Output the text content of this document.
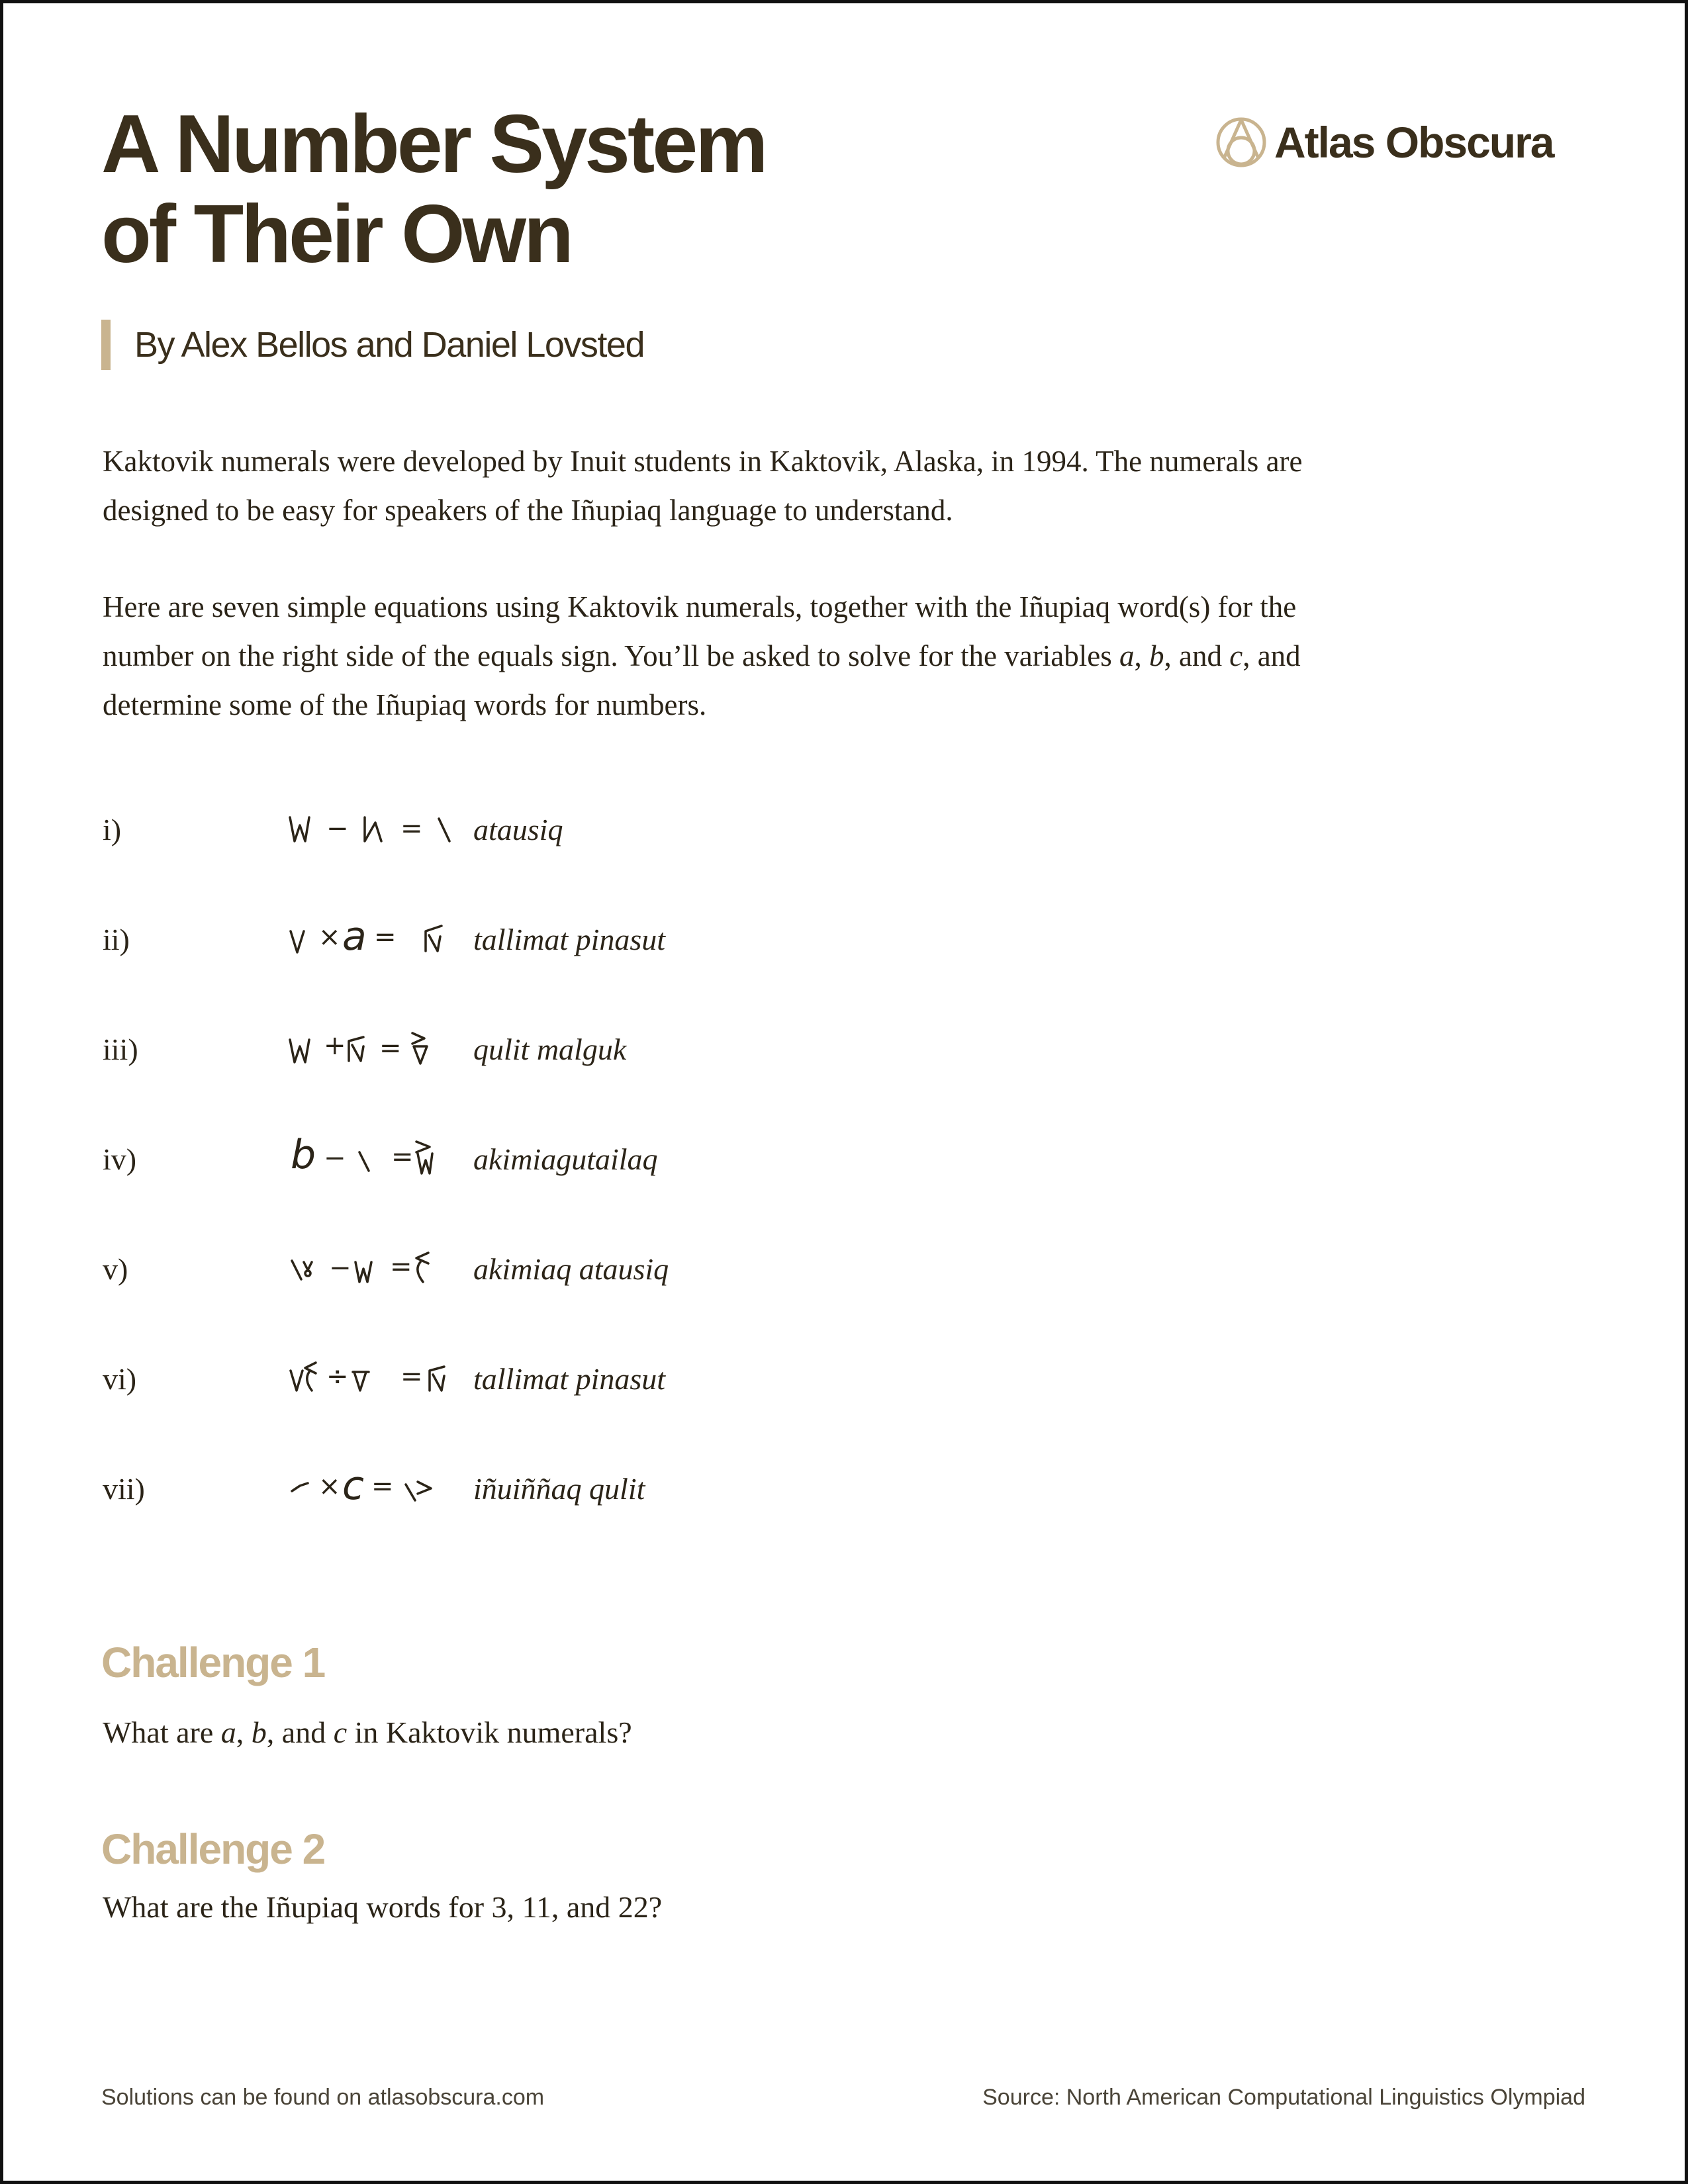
A Number System
of Their Own
Atlas Obscura
By Alex Bellos and Daniel Lovsted

Kaktovik numerals were developed by Inuit students in Kaktovik, Alaska, in 1994. The numerals are designed to be easy for speakers of the Iñupiaq language to understand.

Here are seven simple equations using Kaktovik numerals, together with the Iñupiaq word(s) for the number on the right side of the equals sign. You’ll be asked to solve for the variables a, b, and c, and determine some of the Iñupiaq words for numbers.

i)	− = atausiq
ii)	× a =	tallimat pinasut
iii)	+ = qulit malguk
iv)	b − = akimiagutailaq
v)	− = akimiaq atausiq
vi)	÷ = tallimat pinasut
vii)	× c =	iñuiññaq qulit
Challenge 1

What are a, b, and c in Kaktovik numerals?

Challenge 2

What are the Iñupiaq words for 3, 11, and 22?

Solutions can be found on atlasobscura.com	Source: North American Computational Linguistics Olympiad
